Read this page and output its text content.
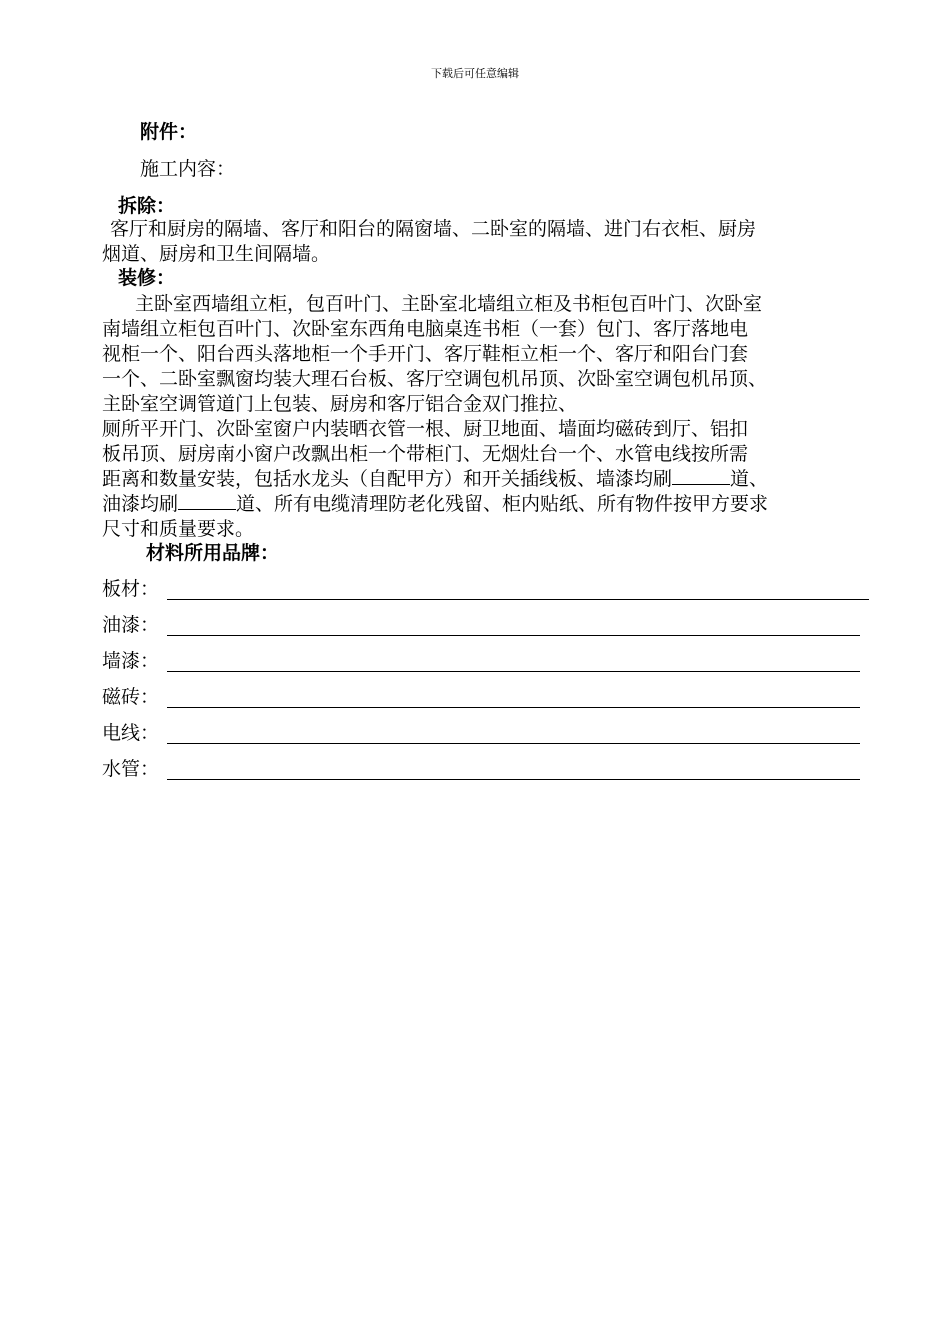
下载后可任意编辑
附件：
施工内容：
拆除：
客厅和厨房的隔墙、客厅和阳台的隔窗墙、二卧室的隔墙、进门右衣柜、厨房
烟道、厨房和卫生间隔墙。
装修：
　主卧室西墙组立柜，包百叶门、主卧室北墙组立柜及书柜包百叶门、次卧室
南墙组立柜包百叶门、次卧室东西角电脑桌连书柜（一套）包门、客厅落地电
视柜一个、阳台西头落地柜一个手开门、客厅鞋柜立柜一个、客厅和阳台门套
一个、二卧室飘窗均装大理石台板、客厅空调包机吊顶、次卧室空调包机吊顶、
主卧室空调管道门上包装、厨房和客厅铝合金双门推拉、
厕所平开门、次卧室窗户内装晒衣管一根、厨卫地面、墙面均磁砖到厅、铝扣
板吊顶、厨房南小窗户改飘出柜一个带柜门、无烟灶台一个、水管电线按所需
距离和数量安装，包括水龙头（自配甲方）和开关插线板、墙漆均刷	道、
油漆均刷	道、所有电缆清理防老化残留、柜内贴纸、所有物件按甲方要求
尺寸和质量要求。
材料所用品牌：
板材：
油漆：
墙漆：
磁砖：
电线：
水管：
